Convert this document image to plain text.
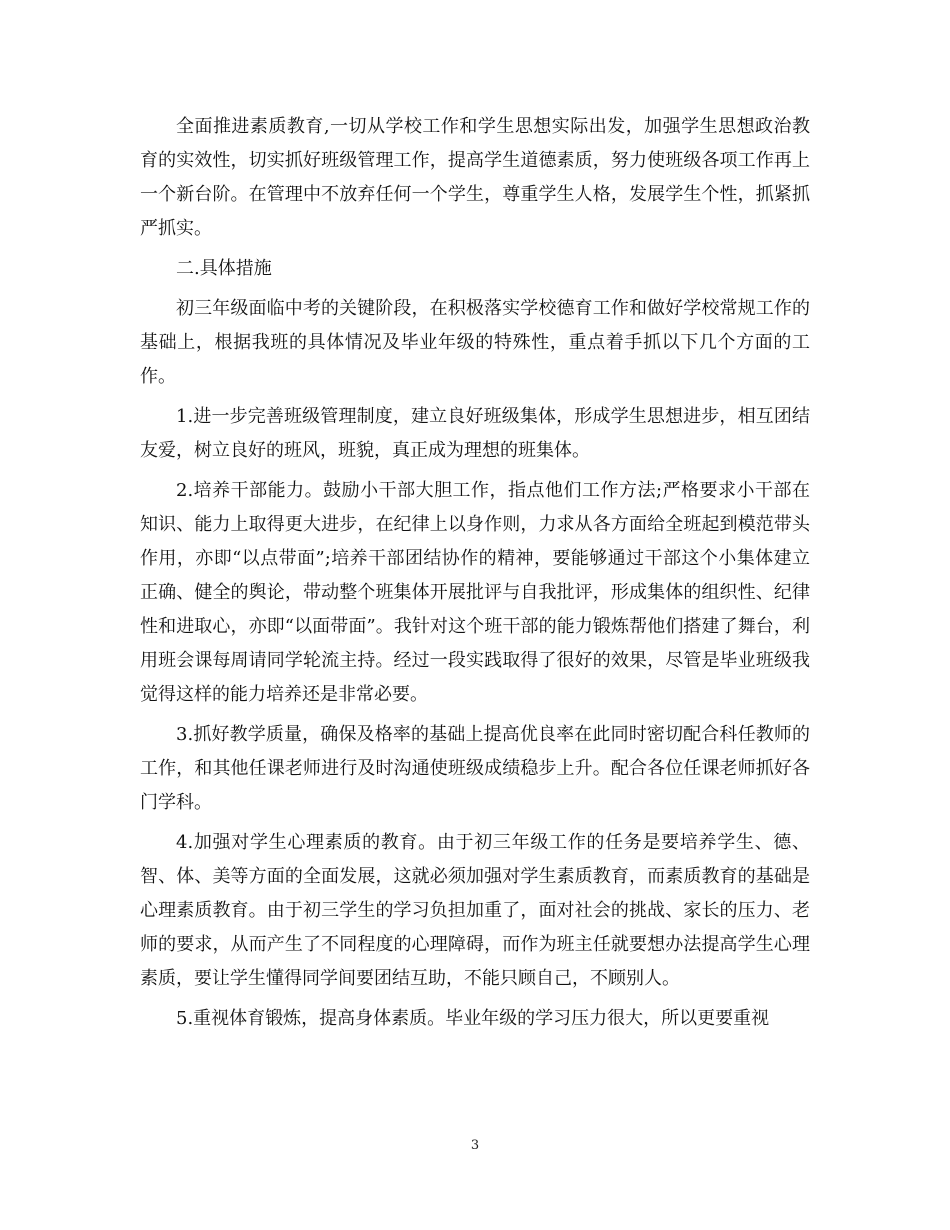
全面推进素质教育,一切从学校工作和学生思想实际出发，加强学生思想政治教育的实效性，切实抓好班级管理工作，提高学生道德素质，努力使班级各项工作再上一个新台阶。在管理中不放弃任何一个学生，尊重学生人格，发展学生个性，抓紧抓严抓实。

二.具体措施

初三年级面临中考的关键阶段，在积极落实学校德育工作和做好学校常规工作的基础上，根据我班的具体情况及毕业年级的特殊性，重点着手抓以下几个方面的工作。

1.进一步完善班级管理制度，建立良好班级集体，形成学生思想进步，相互团结友爱，树立良好的班风，班貌，真正成为理想的班集体。

2.培养干部能力。鼓励小干部大胆工作，指点他们工作方法;严格要求小干部在知识、能力上取得更大进步，在纪律上以身作则，力求从各方面给全班起到模范带头作用，亦即“以点带面”;培养干部团结协作的精神，要能够通过干部这个小集体建立正确、健全的舆论，带动整个班集体开展批评与自我批评，形成集体的组织性、纪律性和进取心，亦即“以面带面”。我针对这个班干部的能力锻炼帮他们搭建了舞台，利用班会课每周请同学轮流主持。经过一段实践取得了很好的效果，尽管是毕业班级我觉得这样的能力培养还是非常必要。

3.抓好教学质量，确保及格率的基础上提高优良率在此同时密切配合科任教师的工作，和其他任课老师进行及时沟通使班级成绩稳步上升。配合各位任课老师抓好各门学科。

4.加强对学生心理素质的教育。由于初三年级工作的任务是要培养学生、德、智、体、美等方面的全面发展，这就必须加强对学生素质教育，而素质教育的基础是心理素质教育。由于初三学生的学习负担加重了，面对社会的挑战、家长的压力、老师的要求，从而产生了不同程度的心理障碍，而作为班主任就要想办法提高学生心理素质，要让学生懂得同学间要团结互助，不能只顾自己，不顾别人。

5.重视体育锻炼，提高身体素质。毕业年级的学习压力很大，所以更要重视

3
